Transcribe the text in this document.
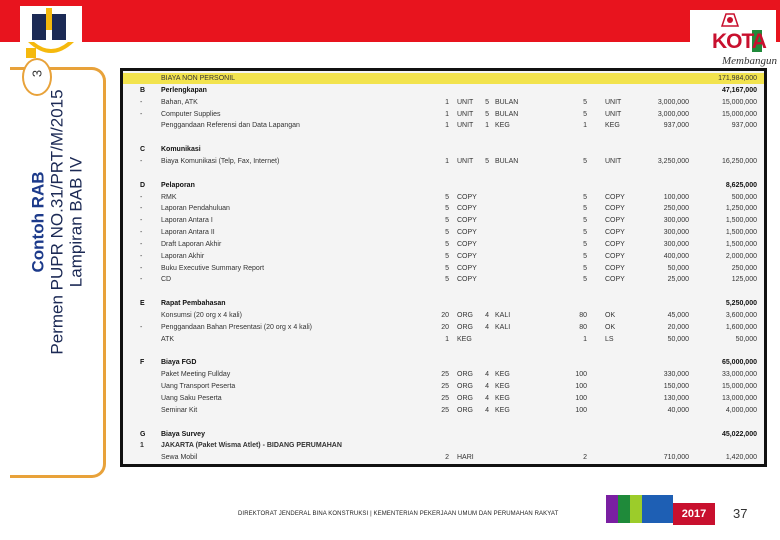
KOTA
Membangun
3
Contoh RAB Permen PUPR NO.31/PRT/M/2015 Lampiran BAB IV
BIAYA NON PERSONIL	171,984,000
B	Perlengkapan	47,167,000
-	Bahan, ATK	1 UNIT	5 BULAN	5	UNIT	3,000,000	15,000,000
-	Computer Supplies	1 UNIT	5 BULAN	5	UNIT	3,000,000	15,000,000
Penggandaan Referensi dan Data Lapangan	1 UNIT	1 KEG	1	KEG	937,000	937,000
C	Komunikasi
-	Biaya Komunikasi (Telp, Fax, Internet)	1 UNIT	5 BULAN	5	UNIT	3,250,000	16,250,000
D	Pelaporan	8,625,000
-	RMK	5 COPY	5	COPY	100,000	500,000
-	Laporan Pendahuluan	5 COPY	5	COPY	250,000	1,250,000
-	Laporan Antara I	5 COPY	5	COPY	300,000	1,500,000
-	Laporan Antara II	5 COPY	5	COPY	300,000	1,500,000
-	Draft Laporan Akhir	5 COPY	5	COPY	300,000	1,500,000
-	Laporan Akhir	5 COPY	5	COPY	400,000	2,000,000
-	Buku Executive Summary Report	5 COPY	5	COPY	50,000	250,000
-	CD	5 COPY	5	COPY	25,000	125,000
E	Rapat Pembahasan	5,250,000
Konsumsi (20 org x 4 kali)	20 ORG	4 KALI	80	OK	45,000	3,600,000
-	Penggandaan Bahan Presentasi (20 org x 4 kali)	20 ORG	4 KALI	80	OK	20,000	1,600,000
ATK	1 KEG	1	LS	50,000	50,000
F	Biaya FGD	65,000,000
Paket Meeting Fullday	25 ORG	4 KEG	100	330,000	33,000,000
Uang Transport Peserta	25 ORG	4 KEG	100	150,000	15,000,000
Uang Saku Peserta	25 ORG	4 KEG	100	130,000	13,000,000
Seminar Kit	25 ORG	4 KEG	100	40,000	4,000,000
G	Biaya Survey	45,022,000
1	JAKARTA (Paket Wisma Atlet) - BIDANG PERUMAHAN
Sewa Mobil	2 HARI	2	710,000	1,420,000
DIREKTORAT JENDERAL BINA KONSTRUKSI | KEMENTERIAN PEKERJAAN UMUM DAN PERUMAHAN RAKYAT	2017	37
